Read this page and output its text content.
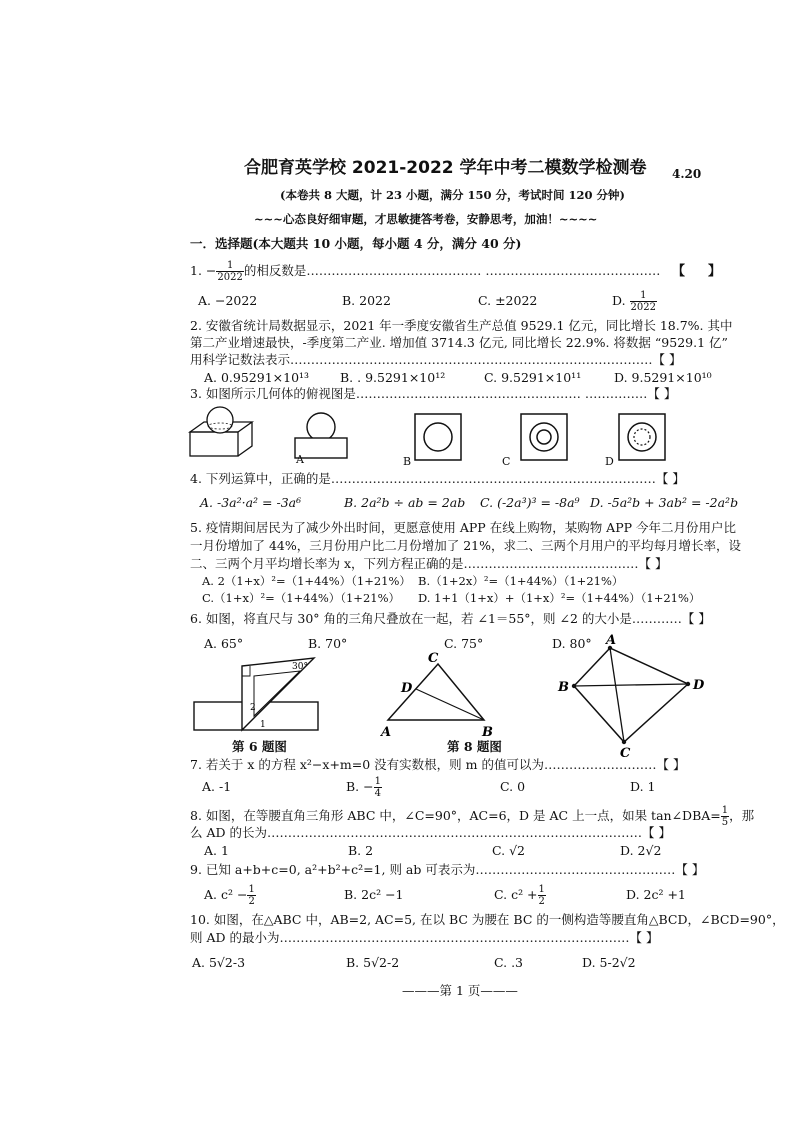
合肥育英学校 2021-2022 学年中考二模数学检测卷 4.20
(本卷共 8 大题，计 23 小题，满分 150 分，考试时间 120 分钟)
~~~心态良好细审题，才思敏捷答考卷，安静思考，加油！~~~~
一．选择题(本大题共 10 小题，每小题 4 分，满分 40 分)
1. − $\frac{1}{2022}$ 的相反数是…………………………………… …………………………………… 【 】
A. −2022	B. 2022	C. ±2022	D. $\frac{1}{2022}$
2. 安徽省统计局数据显示，2021 年一季度安徽省生产总值 9529.1 亿元，同比增长 18.7%. 其中
第二产业增速最快，-季度第二产业. 增加值 3714.3 亿元, 同比增长 22.9%. 将数据 “9529.1 亿”
用科学记数法表示……………………………………………………………………………【 】
A. 0.95291×10¹³ B. . 9.5291×10¹²	C. 9.5291×10¹¹	D. 9.5291×10¹⁰
3. 如图所示几何体的俯视图是……………………………………………… ……………【 】
A	B	C	D
4. 下列运算中，正确的是……………………………………………………………………【 】
A. -3a²·a² = -3a⁶	B. 2a²b ÷ ab = 2ab C. (-2a³)³ = -8a⁹ D. -5a²b + 3ab² = -2a²b
5. 疫情期间居民为了减少外出时间，更愿意使用 APP 在线上购物，某购物 APP 今年二月份用户比
一月份增加了 44%，三月份用户比二月份增加了 21%，求二、三两个月用户的平均每月增长率，设
二、三两个月平均增长率为 x，下列方程正确的是……………………………………【 】
A. 2（1+x）²=（1+44%）（1+21%） B.（1+2x）²=（1+44%）（1+21%）
C.（1+x）²=（1+44%）（1+21%） D. 1+1（1+x）+（1+x）²=（1+44%）（1+21%）
6. 如图，将直尺与 30° 角的三角尺叠放在一起，若 ∠1＝55°，则 ∠2 的大小是…………【 】
A. 65°	B. 70°	C. 75°	D. 80°
30°
2
1
第 6 题图
C
D
A	B
第 8 题图
A
B
C
D
7. 若关于 x 的方程 x²−x+m=0 没有实数根，则 m 的值可以为………………………【 】
A. -1	B. − $\frac{1}{4}$	C. 0	D. 1
8. 如图，在等腰直角三角形 ABC 中，∠C=90°，AC=6，D 是 AC 上一点，如果 tan∠DBA= $\frac{1}{5}$ ，那
么 AD 的长为………………………………………………………………………………【 】
A. 1	B. 2	C. √2	D. 2√2
9. 已知 a+b+c=0, a²+b²+c²=1, 则 ab 可表示为…………………………………………【 】
A. $c^2 - \frac{1}{2}$	B. 2c² −1	C. $c^2 + \frac{1}{2}$	D. 2c² +1
10. 如图，在△ABC 中，AB=2, AC=5, 在以 BC 为腰在 BC 的一侧构造等腰直角△BCD，∠BCD=90°，
则 AD 的最小为…………………………………………………………………………【 】
A. 5√2-3	B. 5√2-2	C. .3	D. 5-2√2
———第 1 页———
